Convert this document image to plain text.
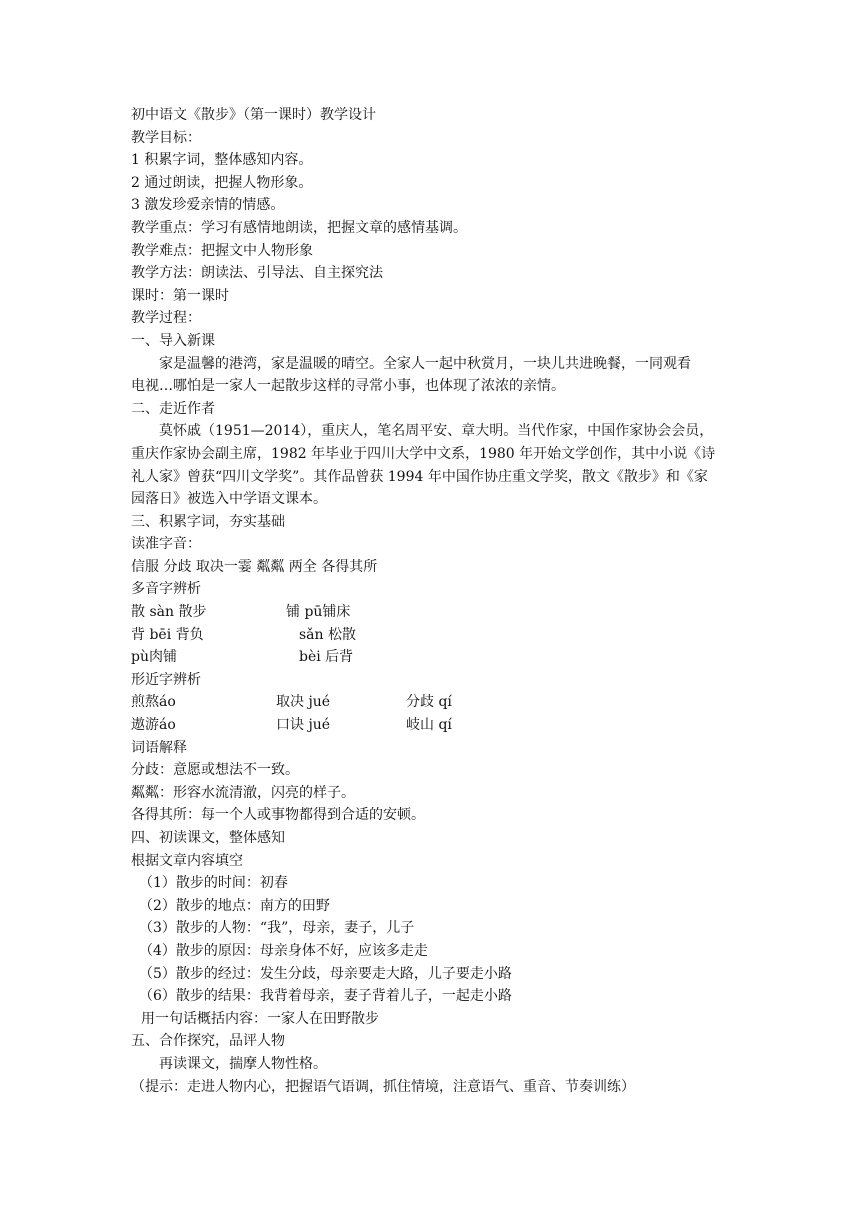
初中语文《散步》（第一课时）教学设计
教学目标：
1 积累字词，整体感知内容。
2 通过朗读，把握人物形象。
3 激发珍爱亲情的情感。
教学重点：学习有感情地朗读，把握文章的感情基调。
教学难点：把握文中人物形象
教学方法：朗读法、引导法、自主探究法
课时：第一课时
教学过程：
一、导入新课
家是温馨的港湾，家是温暖的晴空。全家人一起中秋赏月，一块儿共进晚餐，一同观看
电视…哪怕是一家人一起散步这样的寻常小事，也体现了浓浓的亲情。
二、走近作者
莫怀戚（1951—2014），重庆人，笔名周平安、章大明。当代作家，中国作家协会会员，
重庆作家协会副主席，1982 年毕业于四川大学中文系，1980 年开始文学创作，其中小说《诗
礼人家》曾获“四川文学奖”。其作品曾获 1994 年中国作协庄重文学奖，散文《散步》和《家
园落日》被选入中学语文课本。
三、积累字词，夯实基础
读准字音：
信服 分歧 取决一霎 粼粼 两全 各得其所
多音字辨析
散 sàn 散步	铺 pū铺床
背 bēi 背负	sǎn 松散
pù肉铺	bèi 后背
形近字辨析
煎熬áo	取决 jué	分歧 qí
遨游áo	口诀 jué	岐山 qí
词语解释
分歧：意愿或想法不一致。
粼粼：形容水流清澈，闪亮的样子。
各得其所：每一个人或事物都得到合适的安顿。
四、初读课文，整体感知
根据文章内容填空
（1）散步的时间：初春
（2）散步的地点：南方的田野
（3）散步的人物：“我”，母亲，妻子，儿子
（4）散步的原因：母亲身体不好，应该多走走
（5）散步的经过：发生分歧，母亲要走大路，儿子要走小路
（6）散步的结果：我背着母亲，妻子背着儿子，一起走小路
用一句话概括内容：一家人在田野散步
五、合作探究，品评人物
再读课文，揣摩人物性格。
（提示：走进人物内心，把握语气语调，抓住情境，注意语气、重音、节奏训练）
